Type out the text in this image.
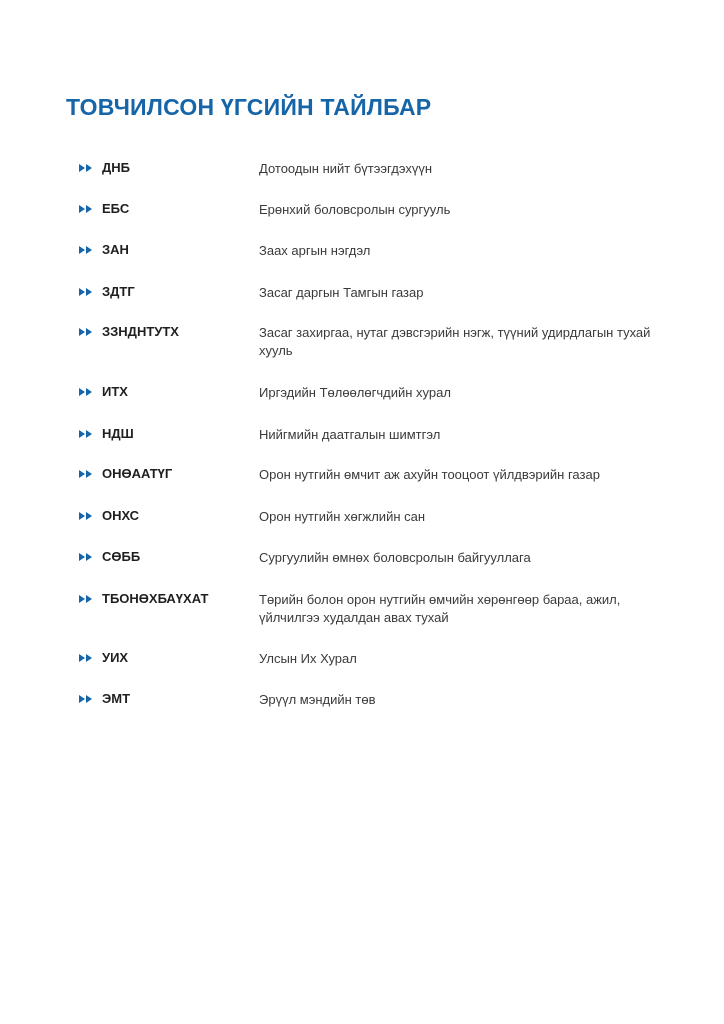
ТОВЧИЛСОН ҮГСИЙН ТАЙЛБАР
ДНБ	Дотоодын нийт бүтээгдэхүүн
ЕБС	Ерөнхий боловсролын сургууль
ЗАН	Заах аргын нэгдэл
ЗДТГ	Засаг даргын Тамгын газар
ЗЗНДНТУТХ	Засаг захиргаа, нутаг дэвсгэрийн нэгж, түүний удирдлагын тухай хууль
ИТХ	Иргэдийн Төлөөлөгчдийн хурал
НДШ	Нийгмийн даатгалын шимтгэл
ОНӨААТҮГ	Орон нутгийн өмчит аж ахуйн тооцоот үйлдвэрийн газар
ОНХС	Орон нутгийн хөгжлийн сан
СӨББ	Сургуулийн өмнөх боловсролын байгууллага
ТБОНӨХБАҮХАТ	Төрийн болон орон нутгийн өмчийн хөрөнгөөр бараа, ажил, үйлчилгээ худалдан авах тухай
УИХ	Улсын Их Хурал
ЭМТ	Эрүүл мэндийн төв
